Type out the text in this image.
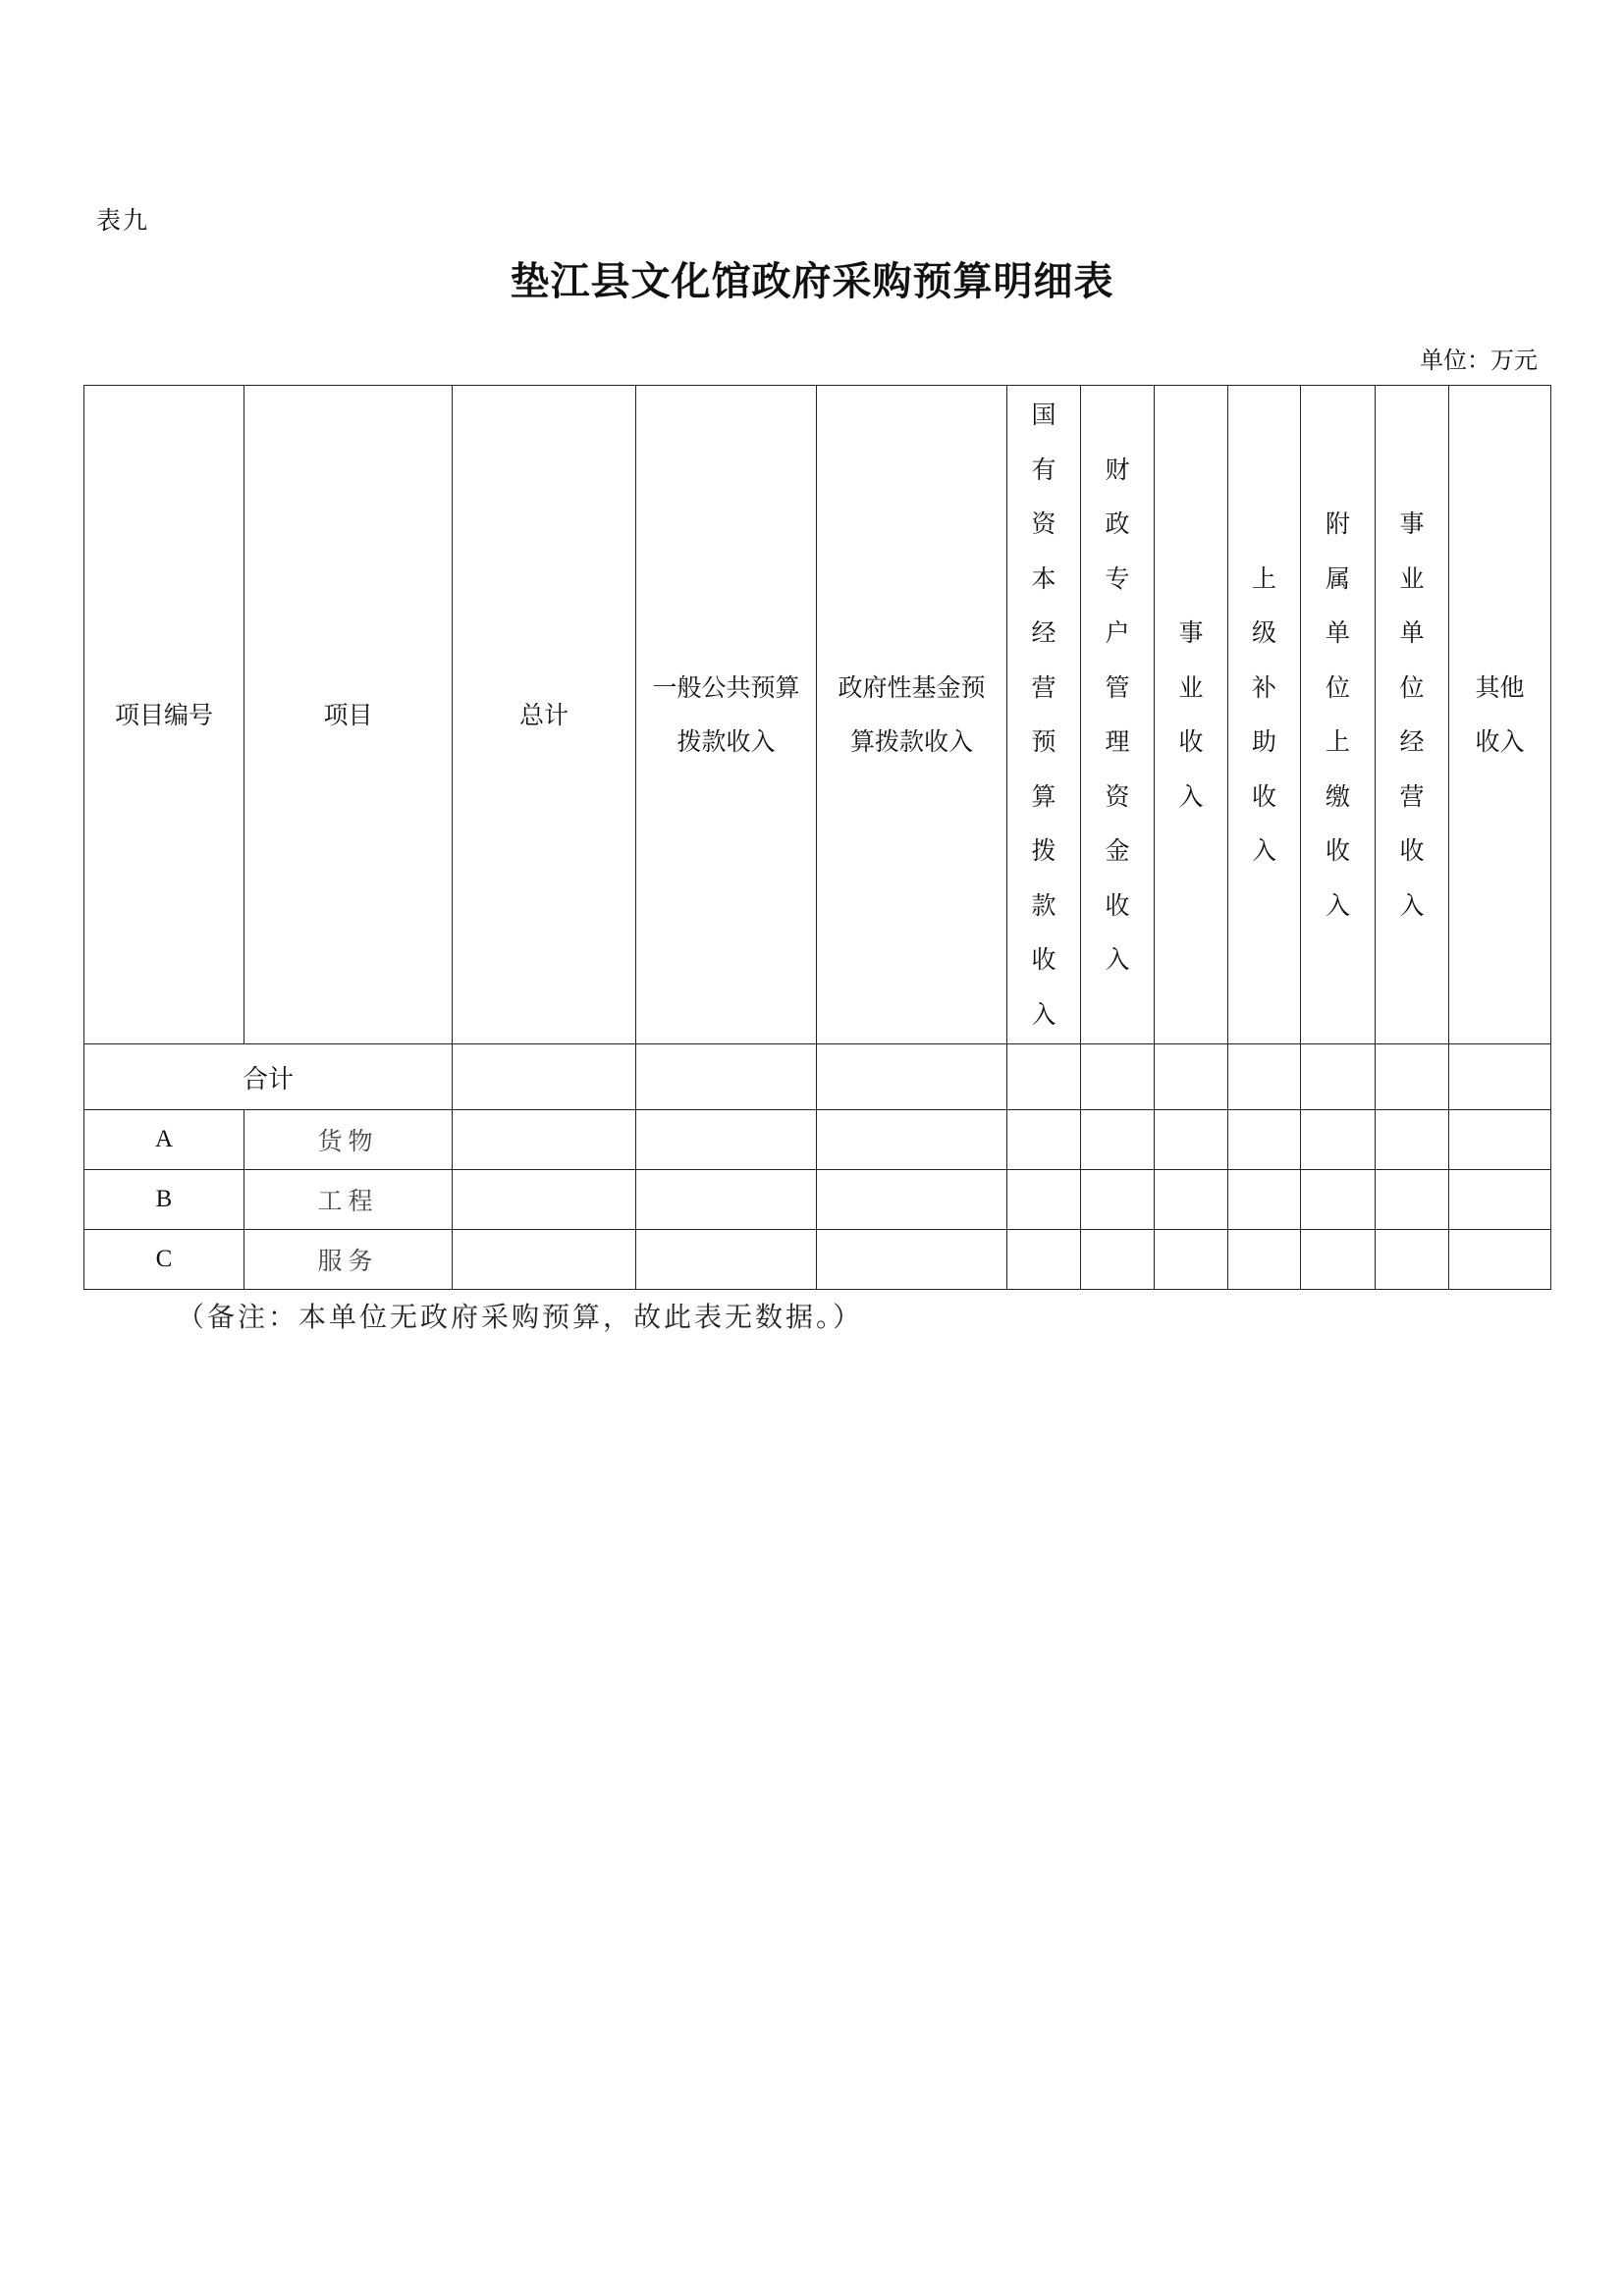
表九
垫江县文化馆政府采购预算明细表
单位：万元
项目编号	项目	总计	一般公共预算拨款收入	政府性基金预算拨款收入	国有资本经营预算拨款收入	财政专户管理资金收入	事业收入	上级补助收入	附属单位上缴收入	事业单位经营收入	其他收入

合计											
A	货物										
B	工程										
C	服务										
（备注：本单位无政府采购预算，故此表无数据。）
